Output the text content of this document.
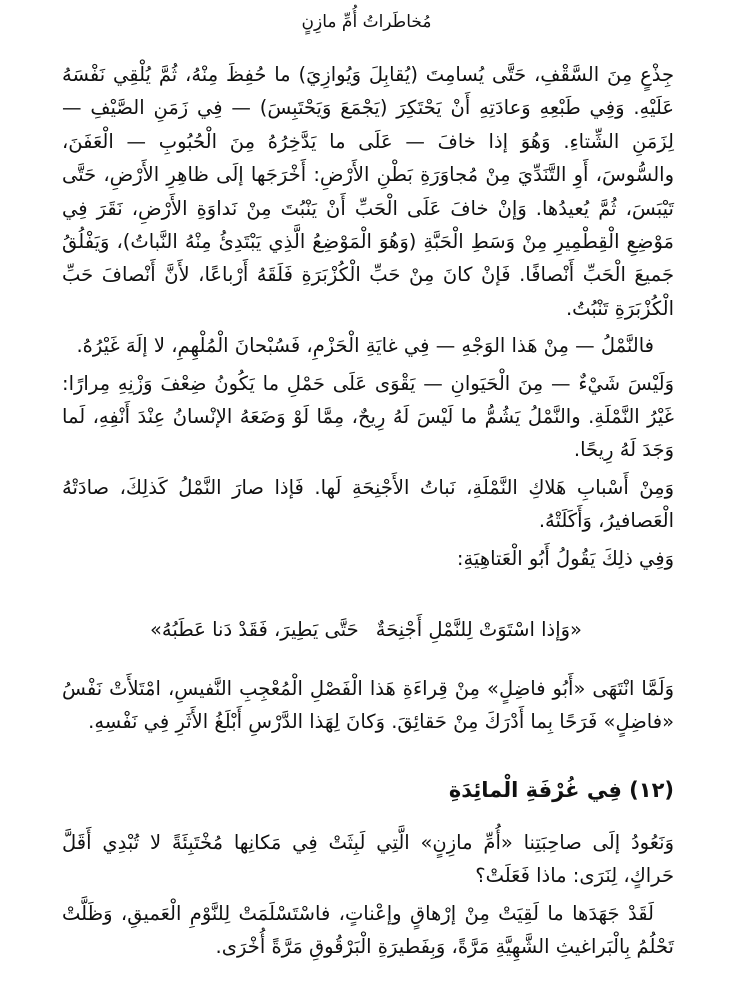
مُخاطَراتُ أُمِّ مازِنٍ

جِذْعٍ مِنَ السَّقْفِ، حَتَّى يُسامِتَ (يُقابِلَ وَيُوازِيَ) ما حُفِظَ مِنْهُ، ثُمَّ يُلْقِي نَفْسَهُ عَلَيْهِ. وَفِي طَبْعِهِ وَعادَتِهِ أَنْ يَحْتَكِرَ (يَجْمَعَ وَيَحْتَبِسَ) — فِي زَمَنِ الصَّيْفِ — لِزَمَنِ الشِّتاءِ. وَهُوَ إذا خافَ — عَلَى ما يَدَّخِرُهُ مِنَ الْحُبُوبِ — الْعَفَنَ، والسُّوسَ، أَوِ التَّنَدِّيَ مِنْ مُجاوَرَةِ بَطْنِ الأَرْضِ: أَخْرَجَها إلَى ظاهِرِ الأَرْضِ، حَتَّى تَيْبَسَ، ثُمَّ يُعيدُها. وَإنْ خافَ عَلَى الْحَبِّ أَنْ يَنْبُتَ مِنْ نَداوَةِ الأَرْضِ، نَقَرَ فِي مَوْضِعِ الْقِطْمِيرِ مِنْ وَسَطِ الْحَبَّةِ (وَهُوَ الْمَوْضِعُ الَّذِي يَبْتَدِئُ مِنْهُ النَّباتُ)، وَيَفْلُقُ جَميعَ الْحَبِّ أَنْصافًا. فَإنْ كانَ مِنْ حَبِّ الْكُزْبَرَةِ فَلَقَهُ أَرْباعًا، لأَنَّ أَنْصافَ حَبِّ الْكُزْبَرَةِ تَنْبُتُ.

فالنَّمْلُ — مِنْ هَذا الوَجْهِ — فِي غايَةِ الْحَزْمِ، فَسُبْحانَ الْمُلْهِمِ، لا إلَهَ غَيْرُهُ.

وَلَيْسَ شَيْءٌ — مِنَ الْحَيَوانِ — يَقْوَى عَلَى حَمْلِ ما يَكُونُ ضِعْفَ وَزْنِهِ مِرارًا: غَيْرُ النَّمْلَةِ. والنَّمْلُ يَشُمُّ ما لَيْسَ لَهُ رِيحٌ، مِمَّا لَوْ وَضَعَهُ الإنْسانُ عِنْدَ أَنْفِهِ، لَما وَجَدَ لَهُ رِيحًا.

وَمِنْ أَسْبابِ هَلاكِ النَّمْلَةِ، نَباتُ الأَجْنِحَةِ لَها. فَإذا صارَ النَّمْلُ كَذلِكَ، صادَتْهُ الْعَصافيرُ، وَأَكَلَتْهُ.

وَفِي ذلِكَ يَقُولُ أَبُو الْعَتاهِيَةِ:

«وَإذا اسْتَوَتْ لِلنَّمْلِ أَجْنِحَةٌ
حَتَّى يَطِيرَ، فَقَدْ دَنا عَطَبُهُ»

وَلَمَّا انْتَهَى «أَبُو فاضِلٍ» مِنْ قِراءَةِ هَذا الْفَصْلِ الْمُعْجِبِ النَّفيسِ، امْتَلأَتْ نَفْسُ «فاضِلٍ» فَرَحًا بِما أَدْرَكَ مِنْ حَقائِقَ. وَكانَ لِهَذا الدَّرْسِ أَبْلَغُ الأَثَرِ فِي نَفْسِهِ.

(١٢) فِي غُرْفَةِ الْمائِدَةِ

وَنَعُودُ إلَى صاحِبَتِنا «أُمِّ مازِنٍ» الَّتِي لَبِثَتْ فِي مَكانِها مُخْتَبِئَةً لا تُبْدِي أَقَلَّ حَراكٍ، لِنَرَى: ماذا فَعَلَتْ؟

لَقَدْ جَهَدَها ما لَقِيَتْ مِنْ إرْهاقٍ وإعْناتٍ، فاسْتَسْلَمَتْ لِلنَّوْمِ الْعَميقِ، وَظَلَّتْ تَحْلُمُ بِالْبَراغيثِ الشَّهِيَّةِ مَرَّةً، وَبِفَطيرَةِ الْبَرْقُوقِ مَرَّةً أُخْرَى.
